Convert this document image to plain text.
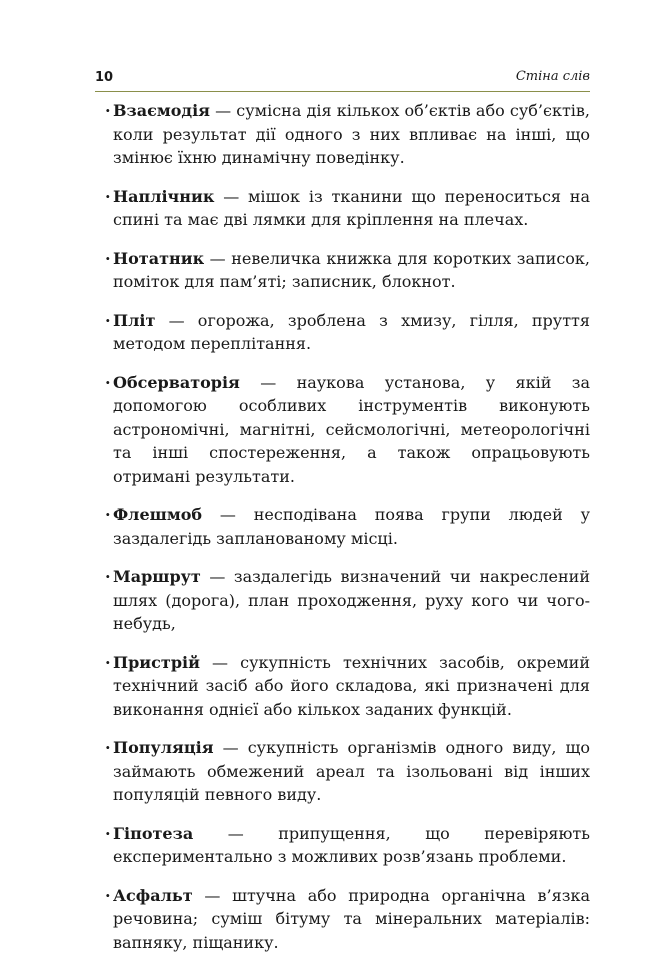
10	Стіна слів
· Взаємодія — сумісна дія кількох об’єктів або суб’єктів, коли результат дії одного з них впливає на інші, що змінює їхню динамічну поведінку.
· Наплічник — мішок із тканини що переноситься на спині та має дві лямки для кріплення на плечах.
· Нотатник — невеличка книжка для коротких записок, поміток для пам’яті; записник, блокнот.
· Пліт — огорожа, зроблена з хмизу, гілля, пруття методом переплітання.
· Обсерваторія — наукова установа, у якій за допомогою особливих інструментів виконують астрономічні, магнітні, сейсмологічні, метеорологічні та інші спостереження, а також опрацьовують отримані результати.
· Флешмоб — несподівана поява групи людей у заздалегідь запланованому місці.
· Маршрут — заздалегідь визначений чи накреслений шлях (дорога), план проходження, руху кого чи чого-небудь,
· Пристрій — сукупність технічних засобів, окремий технічний засіб або його складова, які призначені для виконання однієї або кількох заданих функцій.
· Популяція — сукупність організмів одного виду, що займають обмежений ареал та ізольовані від інших популяцій певного виду.
· Гіпотеза — припущення, що перевіряють експериментально з можливих розв’язань проблеми.
· Асфальт — штучна або природна органічна в’язка речовина; суміш бітуму та мінеральних матеріалів: вапняку, піщанику.
